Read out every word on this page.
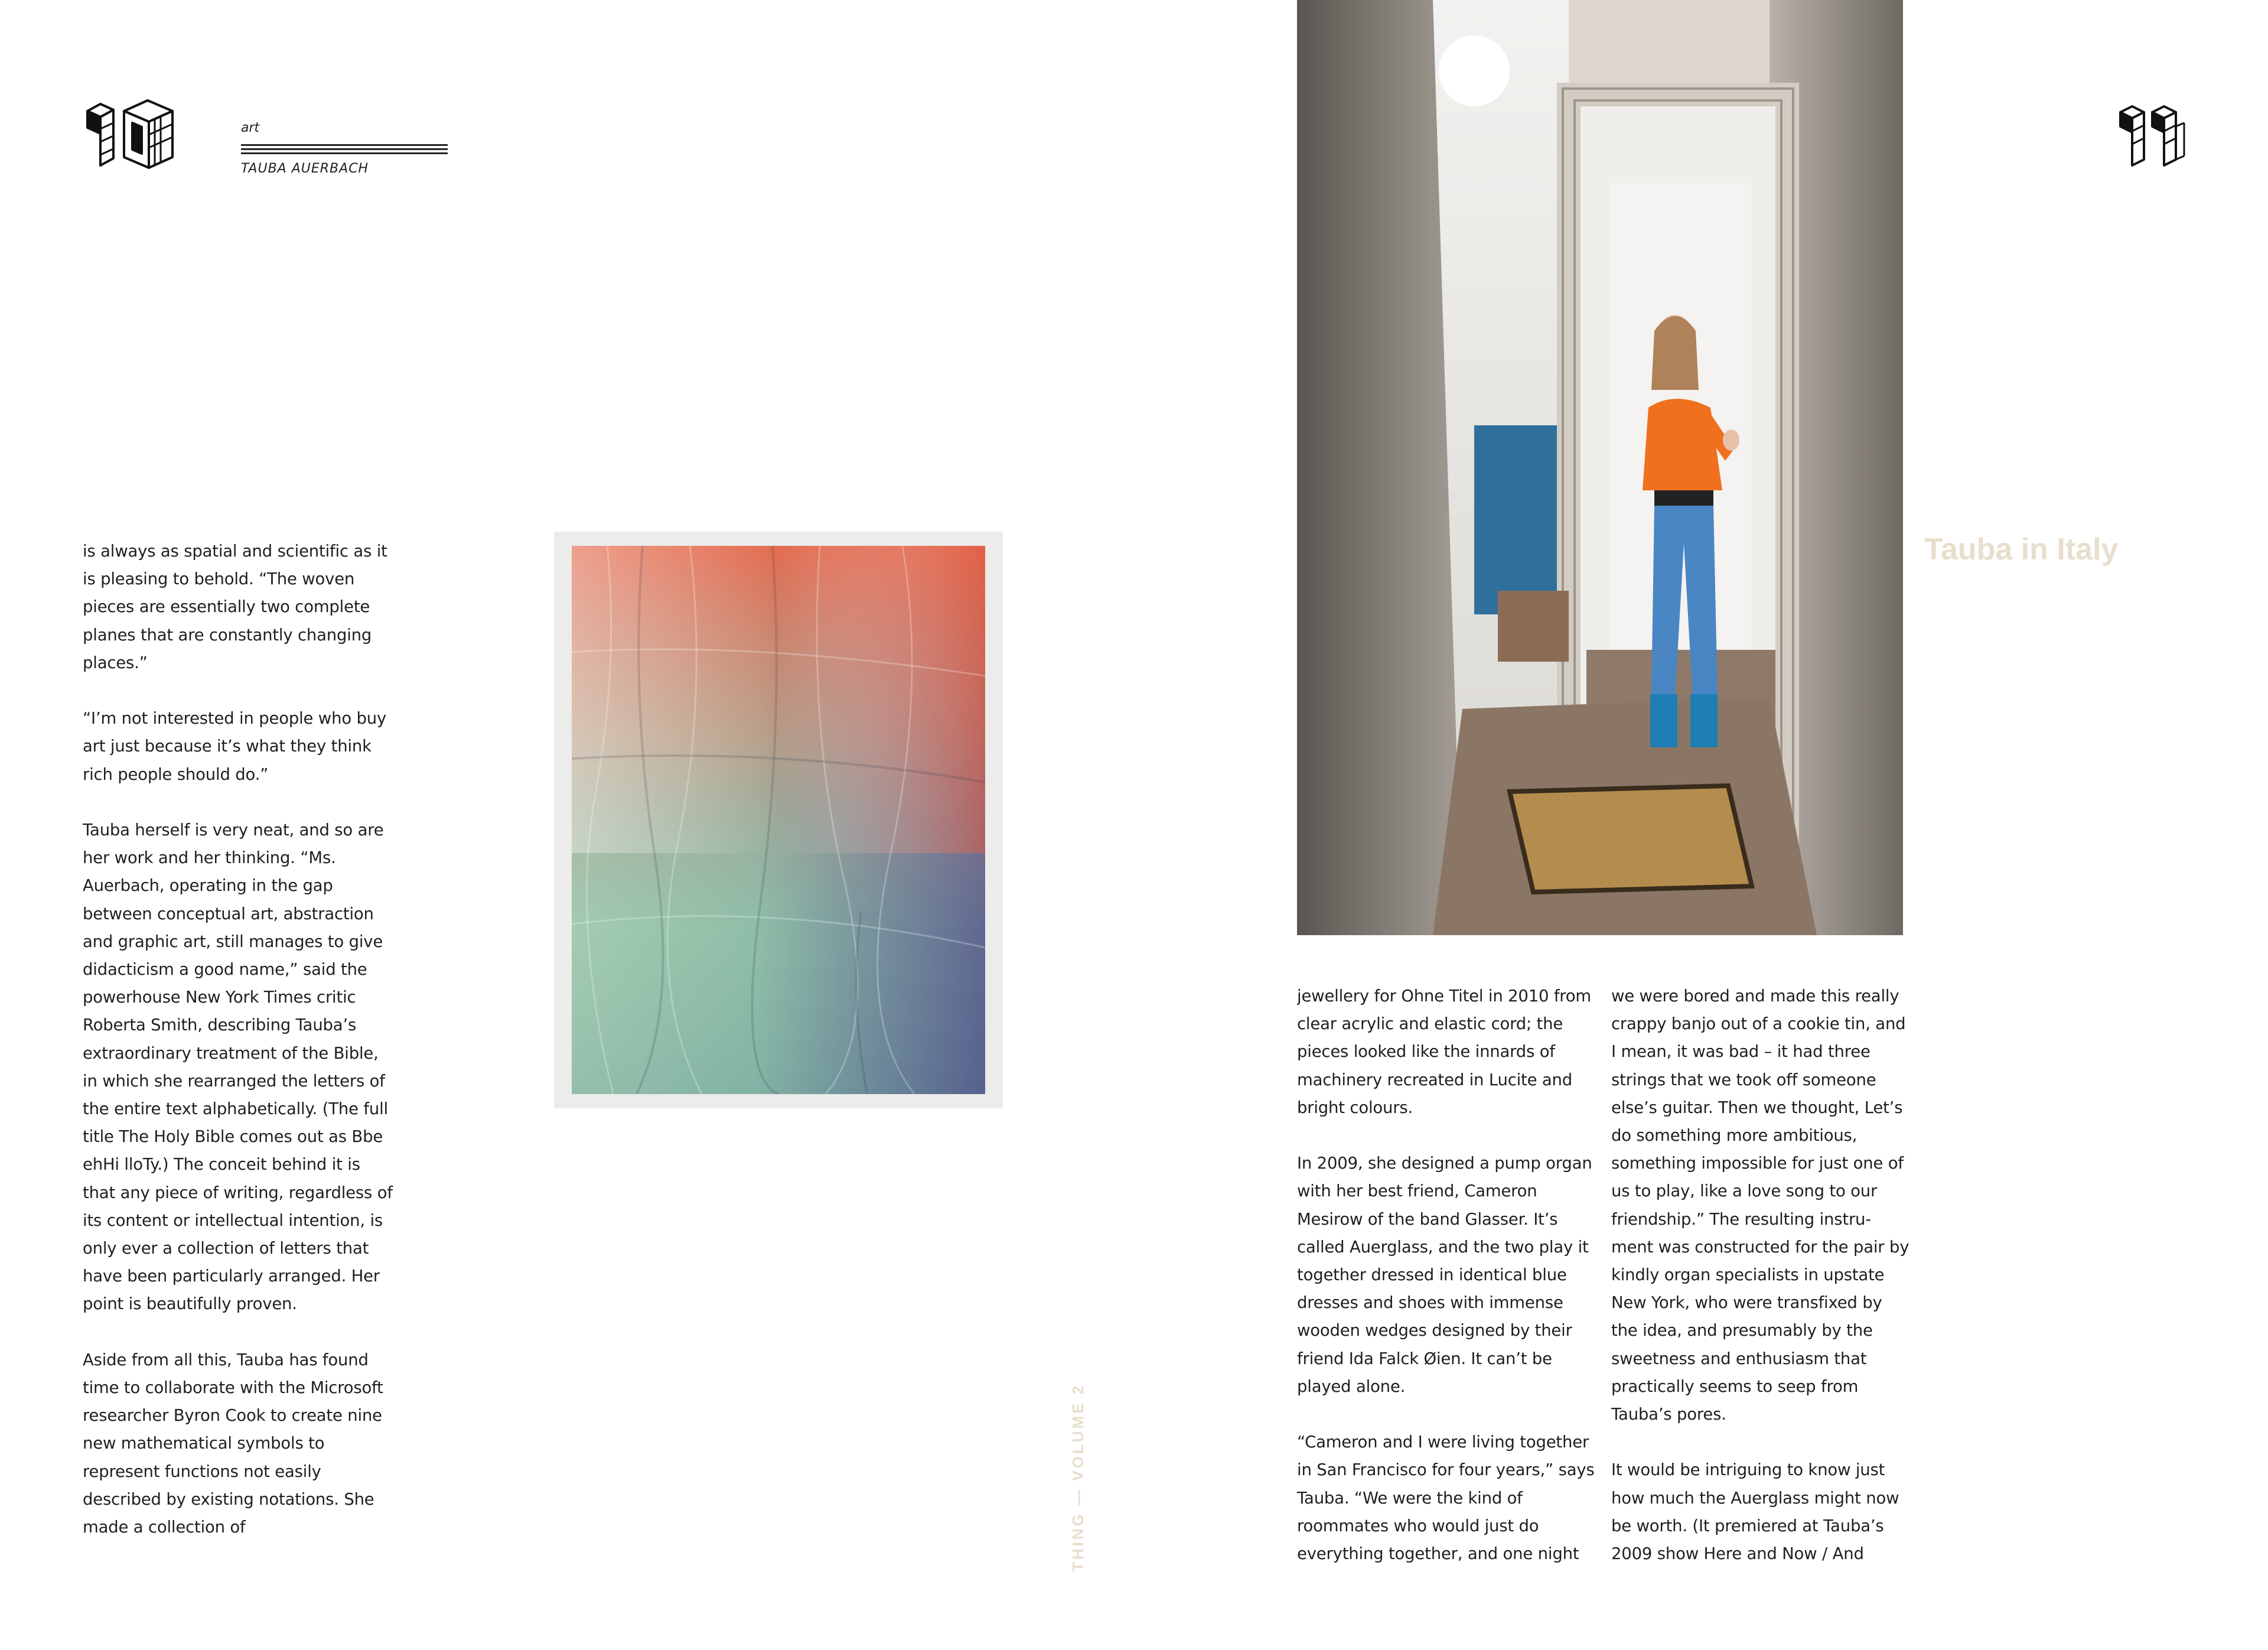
art
TAUBA AUERBACH

is always as spatial and scientific as it is pleasing to behold. “The woven pieces are essentially two complete planes that are constantly changing places.”

“I’m not interested in people who buy art just because it’s what they think rich people should do.”

Tauba herself is very neat, and so are her work and her thinking. “Ms. Auerbach, operating in the gap between conceptual art, abstraction and graphic art, still manages to give didacticism a good name,” said the powerhouse New York Times critic Roberta Smith, describing Tauba’s extraordinary treatment of the Bible, in which she rearranged the letters of the entire text alphabetically. (The full title The Holy Bible comes out as Bbe ehHi lloTy.) The conceit behind it is that any piece of writing, regardless of its content or intellectual intention, is only ever a collection of letters that have been particularly arranged. Her point is beautifully proven.

Aside from all this, Tauba has found time to collaborate with the Microsoft researcher Byron Cook to create nine new mathematical symbols to represent functions not easily described by existing notations. She made a collection of

Tauba in Italy

jewellery for Ohne Titel in 2010 from clear acrylic and elastic cord; the pieces looked like the innards of machinery recreated in Lucite and bright colours.

In 2009, she designed a pump organ with her best friend, Cameron Mesirow of the band Glasser. It’s called Auerglass, and the two play it together dressed in identical blue dresses and shoes with immense wooden wedges designed by their friend Ida Falck Øien. It can’t be played alone.

“Cameron and I were living together in San Francisco for four years,” says Tauba. “We were the kind of roommates who would just do everything together, and one night

we were bored and made this really crappy banjo out of a cookie tin, and I mean, it was bad – it had three strings that we took off someone else’s guitar. Then we thought, Let’s do something more ambitious, something impossible for just one of us to play, like a love song to our friendship.” The resulting instru-ment was constructed for the pair by kindly organ specialists in upstate New York, who were transfixed by the idea, and presumably by the sweetness and enthusiasm that practically seems to seep from Tauba’s pores.

It would be intriguing to know just how much the Auerglass might now be worth. (It premiered at Tauba’s 2009 show Here and Now / And

THING — VOLUME 2
